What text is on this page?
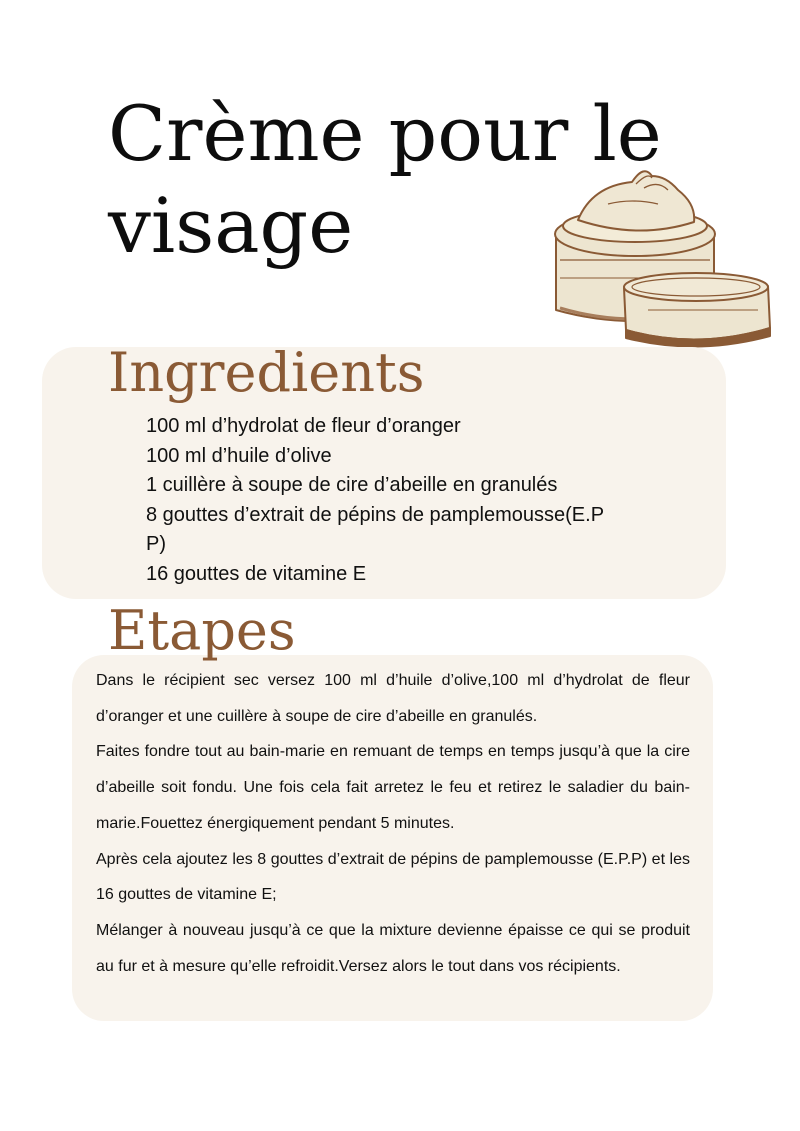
Crème pour le visage
Ingredients
100 ml d’hydrolat de fleur d’oranger
100 ml d’huile d’olive
1 cuillère à soupe de cire d’abeille en granulés
8 gouttes d’extrait de pépins de pamplemousse(E.P P)
16 gouttes de vitamine E
Etapes

Dans le récipient sec versez 100 ml d’huile d’olive,100 ml d’hydrolat de fleur d’oranger et une cuillère à soupe de cire d’abeille en granulés.

Faites fondre tout au bain-marie en remuant de temps en temps jusqu’à que la cire d’abeille soit fondu. Une fois cela fait arretez le feu et retirez le saladier du bain-marie.Fouettez énergiquement pendant 5 minutes.

Après cela ajoutez les 8 gouttes d’extrait de pépins de pamplemousse (E.P.P) et les 16 gouttes de vitamine E;

Mélanger à nouveau jusqu’à ce que la mixture devienne épaisse ce qui se produit au fur et à mesure qu’elle refroidit.Versez alors le tout dans vos récipients.
